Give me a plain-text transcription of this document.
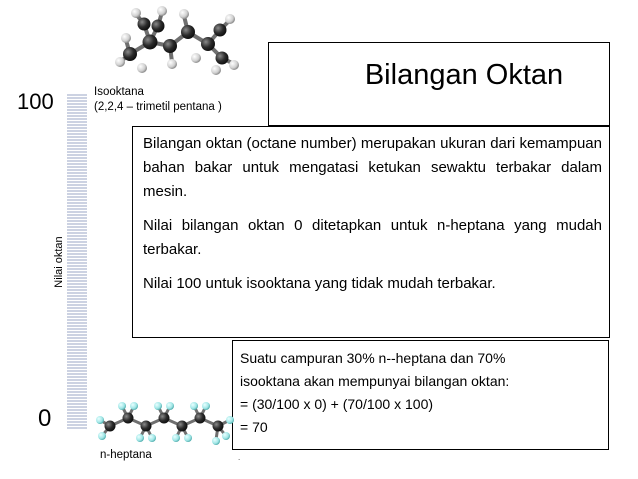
100
Nilai oktan
0
Isooktana
(2,2,4 – trimetil pentana )
Bilangan Oktan

Bilangan oktan (octane number) merupakan ukuran dari kemampuan bahan bakar untuk mengatasi ketukan sewaktu terbakar dalam mesin.

Nilai bilangan oktan 0 ditetapkan untuk n-heptana yang mudah terbakar.

Nilai 100 untuk isooktana yang tidak mudah terbakar.

Suatu campuran 30% n--heptana dan 70%
isooktana akan mempunyai bilangan oktan:
= (30/100 x 0) + (70/100 x 100)
= 70
n-heptana	.
